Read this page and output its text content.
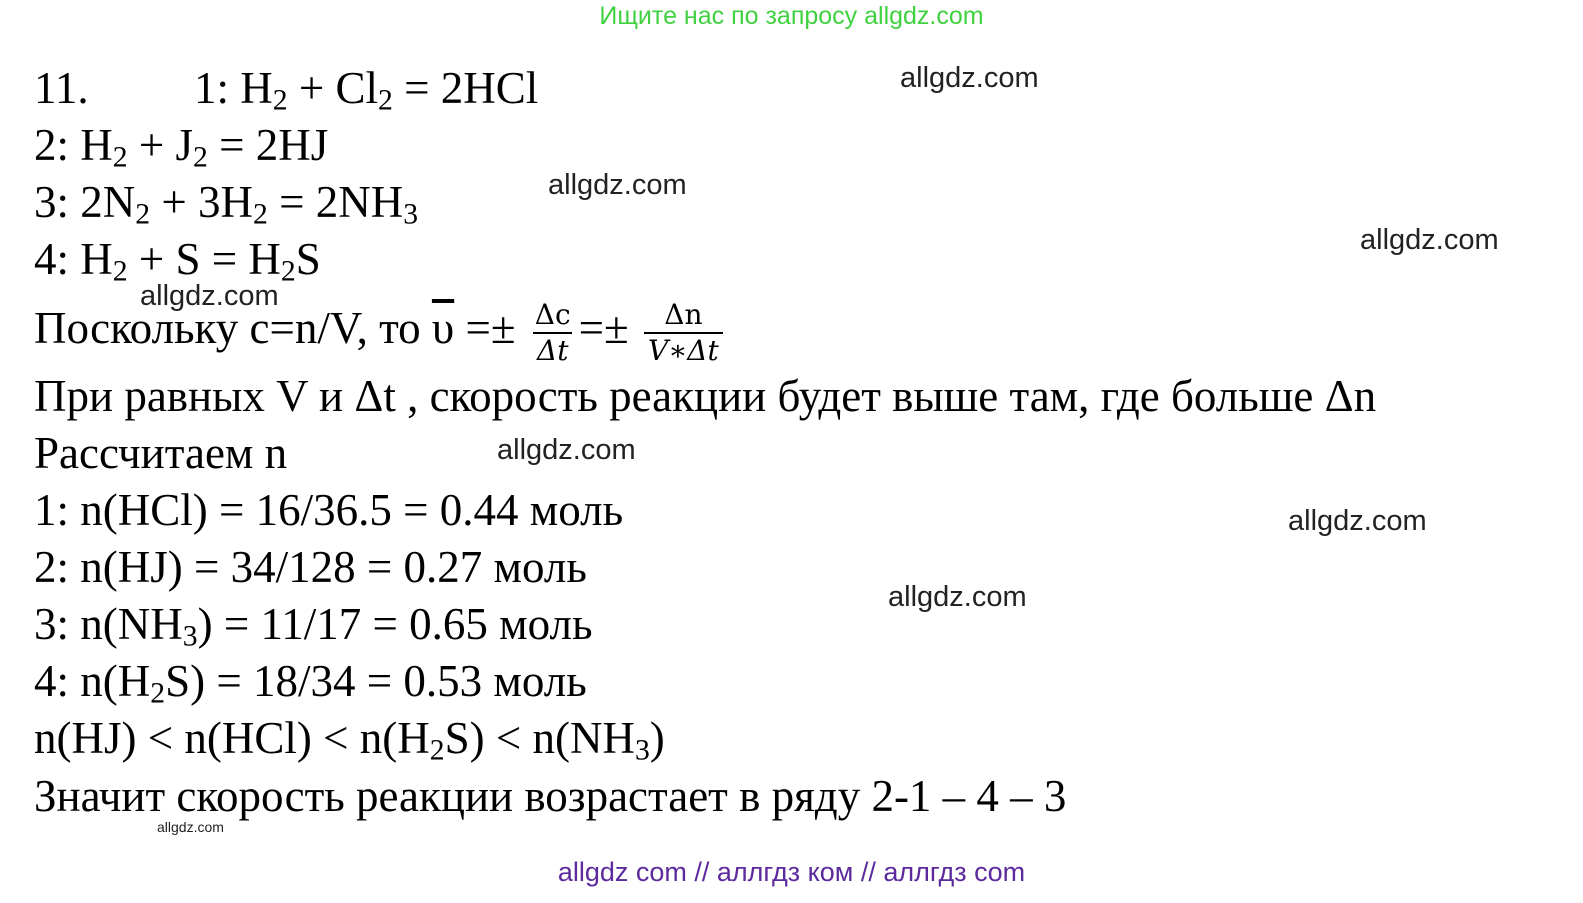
Ищите нас по запросу allgdz.com
11. 1: $H_2 + Cl_2 = 2HCl$
2: $H_2 + J_2 = 2HJ$
3: $2N_2 + 3H_2 = 2NH_3$
4: $H_2 + S = H_2S$
Поскольку c=n/V, то $\overline{\upsilon} =\pm \frac{\Delta c}{\Delta t} =\pm \frac{\Delta n}{V∗\Delta t}$
При равных V и Δt , скорость реакции будет выше там, где больше Δn
Рассчитаем n
1: n(HCl) = 16/36.5 = 0.44 моль
2: n(HJ) = 34/128 = 0.27 моль
3: $n(NH_3) = 11/17 = 0.65$ моль
4: $n(H_2S) = 18/34 = 0.53$ моль
$n(HJ) < n(HCl) < n(H_2S) < n(NH_3)$
Значит скорость реакции возрастает в ряду 2-1 – 4 – 3
allgdz.com
allgdz.com
allgdz.com
allgdz.com
allgdz.com
allgdz.com
allgdz.com
allgdz.com
allgdz com // аллгдз ком // аллгдз com
